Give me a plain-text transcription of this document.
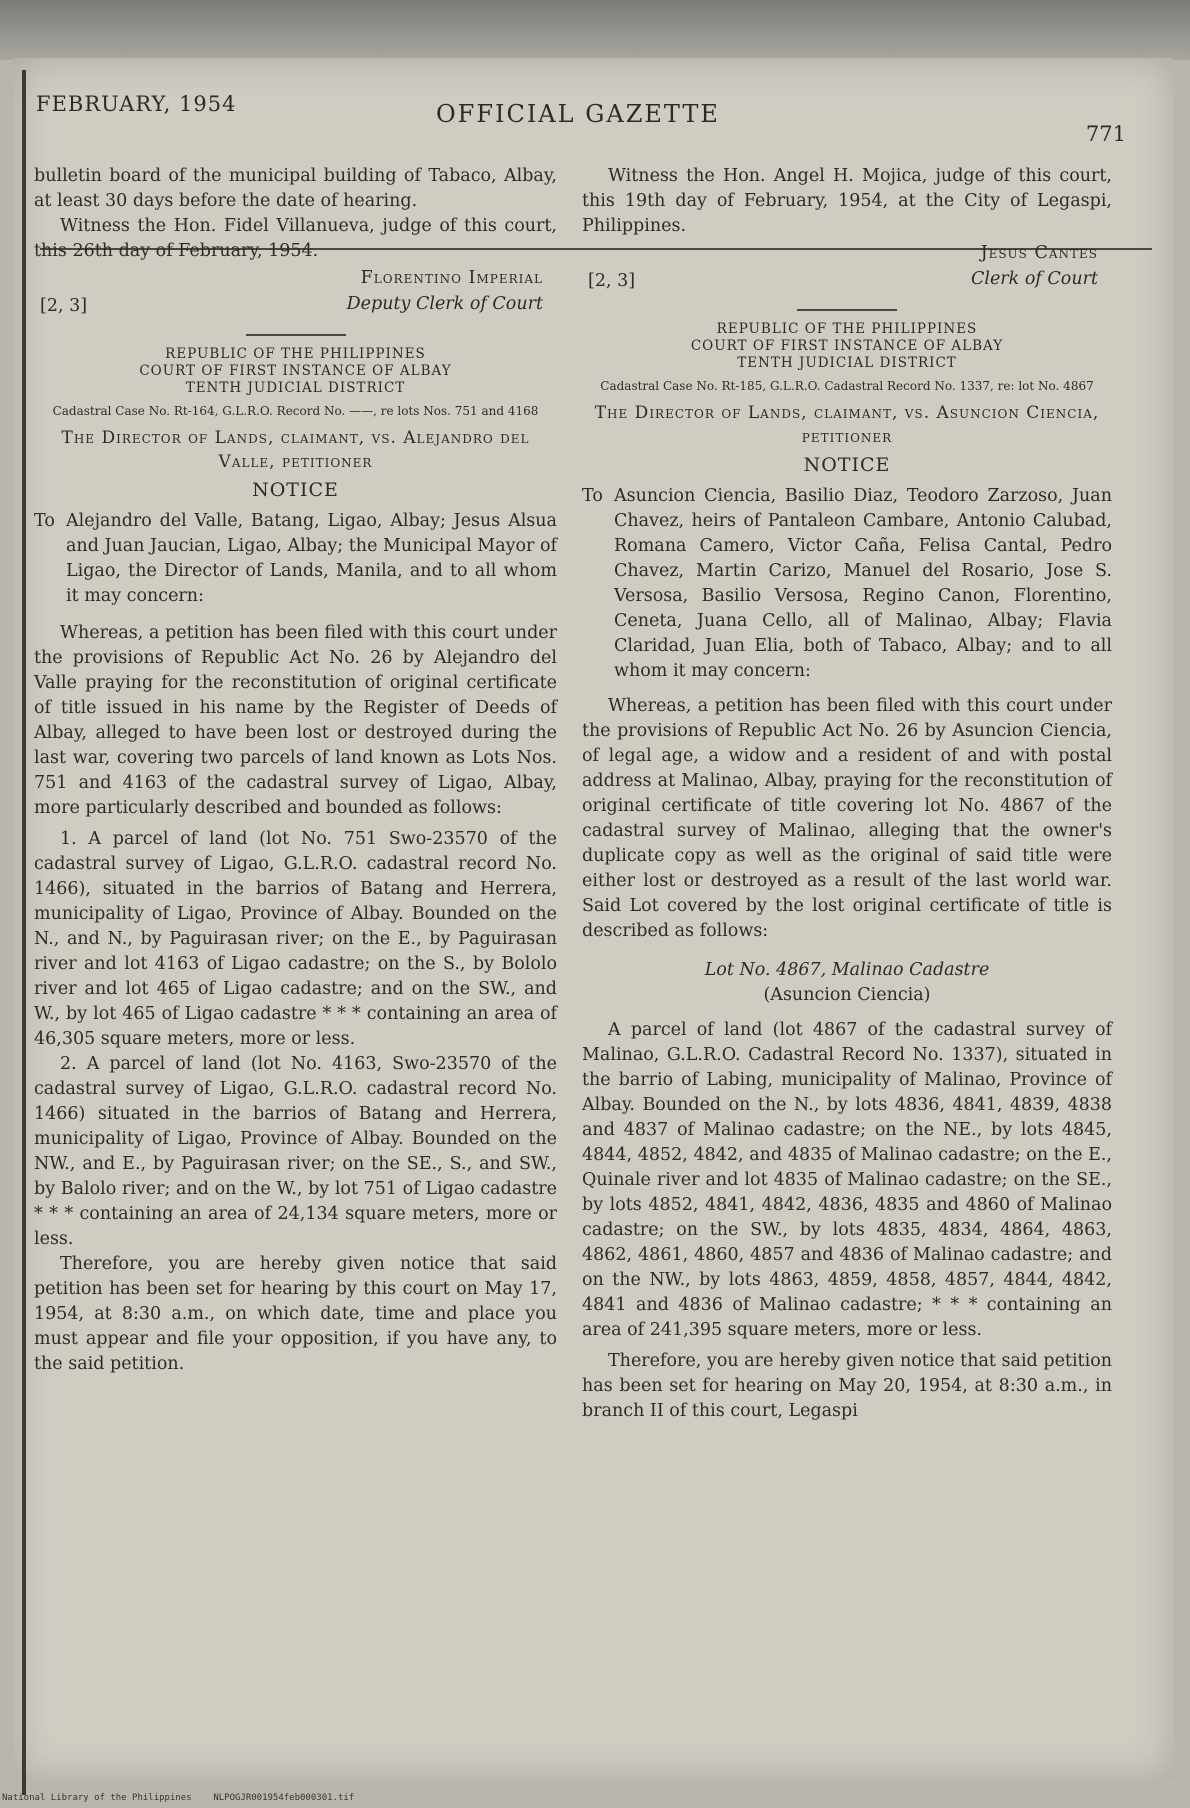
FEBRUARY, 1954	OFFICIAL GAZETTE
771

bulletin board of the municipal building of Tabaco, Albay, at least 30 days before the date of hearing.

Witness the Hon. Fidel Villanueva, judge of this court, this 26th day of February, 1954.

[2, 3]
Florentino Imperial
Deputy Clerk of Court
REPUBLIC OF THE PHILIPPINES
COURT OF FIRST INSTANCE OF ALBAY
TENTH JUDICIAL DISTRICT
Cadastral Case No. Rt-164, G.L.R.O. Record No. ——, re lots Nos. 751 and 4168
The Director of Lands, claimant, vs. Alejandro del Valle, petitioner
NOTICE
To Alejandro del Valle, Batang, Ligao, Albay; Jesus Alsua and Juan Jaucian, Ligao, Albay; the Municipal Mayor of Ligao, the Director of Lands, Manila, and to all whom it may concern:

Whereas, a petition has been filed with this court under the provisions of Republic Act No. 26 by Alejandro del Valle praying for the reconstitution of original certificate of title issued in his name by the Register of Deeds of Albay, alleged to have been lost or destroyed during the last war, covering two parcels of land known as Lots Nos. 751 and 4163 of the cadastral survey of Ligao, Albay, more particularly described and bounded as follows:

1. A parcel of land (lot No. 751 Swo-23570 of the cadastral survey of Ligao, G.L.R.O. cadastral record No. 1466), situated in the barrios of Batang and Herrera, municipality of Ligao, Province of Albay. Bounded on the N., and N., by Paguirasan river; on the E., by Paguirasan river and lot 4163 of Ligao cadastre; on the S., by Bololo river and lot 465 of Ligao cadastre; and on the SW., and W., by lot 465 of Ligao cadastre * * * containing an area of 46,305 square meters, more or less.

2. A parcel of land (lot No. 4163, Swo-23570 of the cadastral survey of Ligao, G.L.R.O. cadastral record No. 1466) situated in the barrios of Batang and Herrera, municipality of Ligao, Province of Albay. Bounded on the NW., and E., by Paguirasan river; on the SE., S., and SW., by Balolo river; and on the W., by lot 751 of Ligao cadastre * * * containing an area of 24,134 square meters, more or less.

Therefore, you are hereby given notice that said petition has been set for hearing by this court on May 17, 1954, at 8:30 a.m., on which date, time and place you must appear and file your opposition, if you have any, to the said petition.

Witness the Hon. Angel H. Mojica, judge of this court, this 19th day of February, 1954, at the City of Legaspi, Philippines.

[2, 3]
Jesus Cantes
Clerk of Court
REPUBLIC OF THE PHILIPPINES
COURT OF FIRST INSTANCE OF ALBAY
TENTH JUDICIAL DISTRICT
Cadastral Case No. Rt-185, G.L.R.O. Cadastral Record No. 1337, re: lot No. 4867
The Director of Lands, claimant, vs. Asuncion Ciencia, petitioner
NOTICE
To Asuncion Ciencia, Basilio Diaz, Teodoro Zarzoso, Juan Chavez, heirs of Pantaleon Cambare, Antonio Calubad, Romana Camero, Victor Caña, Felisa Cantal, Pedro Chavez, Martin Carizo, Manuel del Rosario, Jose S. Versosa, Basilio Versosa, Regino Canon, Florentino, Ceneta, Juana Cello, all of Malinao, Albay; Flavia Claridad, Juan Elia, both of Tabaco, Albay; and to all whom it may concern:

Whereas, a petition has been filed with this court under the provisions of Republic Act No. 26 by Asuncion Ciencia, of legal age, a widow and a resident of and with postal address at Malinao, Albay, praying for the reconstitution of original certificate of title covering lot No. 4867 of the cadastral survey of Malinao, alleging that the owner's duplicate copy as well as the original of said title were either lost or destroyed as a result of the last world war. Said Lot covered by the lost original certificate of title is described as follows:

Lot No. 4867, Malinao Cadastre
(Asuncion Ciencia)

A parcel of land (lot 4867 of the cadastral survey of Malinao, G.L.R.O. Cadastral Record No. 1337), situated in the barrio of Labing, municipality of Malinao, Province of Albay. Bounded on the N., by lots 4836, 4841, 4839, 4838 and 4837 of Malinao cadastre; on the NE., by lots 4845, 4844, 4852, 4842, and 4835 of Malinao cadastre; on the E., Quinale river and lot 4835 of Malinao cadastre; on the SE., by lots 4852, 4841, 4842, 4836, 4835 and 4860 of Malinao cadastre; on the SW., by lots 4835, 4834, 4864, 4863, 4862, 4861, 4860, 4857 and 4836 of Malinao cadastre; and on the NW., by lots 4863, 4859, 4858, 4857, 4844, 4842, 4841 and 4836 of Malinao cadastre; * * * containing an area of 241,395 square meters, more or less.

Therefore, you are hereby given notice that said petition has been set for hearing on May 20, 1954, at 8:30 a.m., in branch II of this court, Legaspi

National Library of the Philippines    NLPOGJR001954feb000301.tif
